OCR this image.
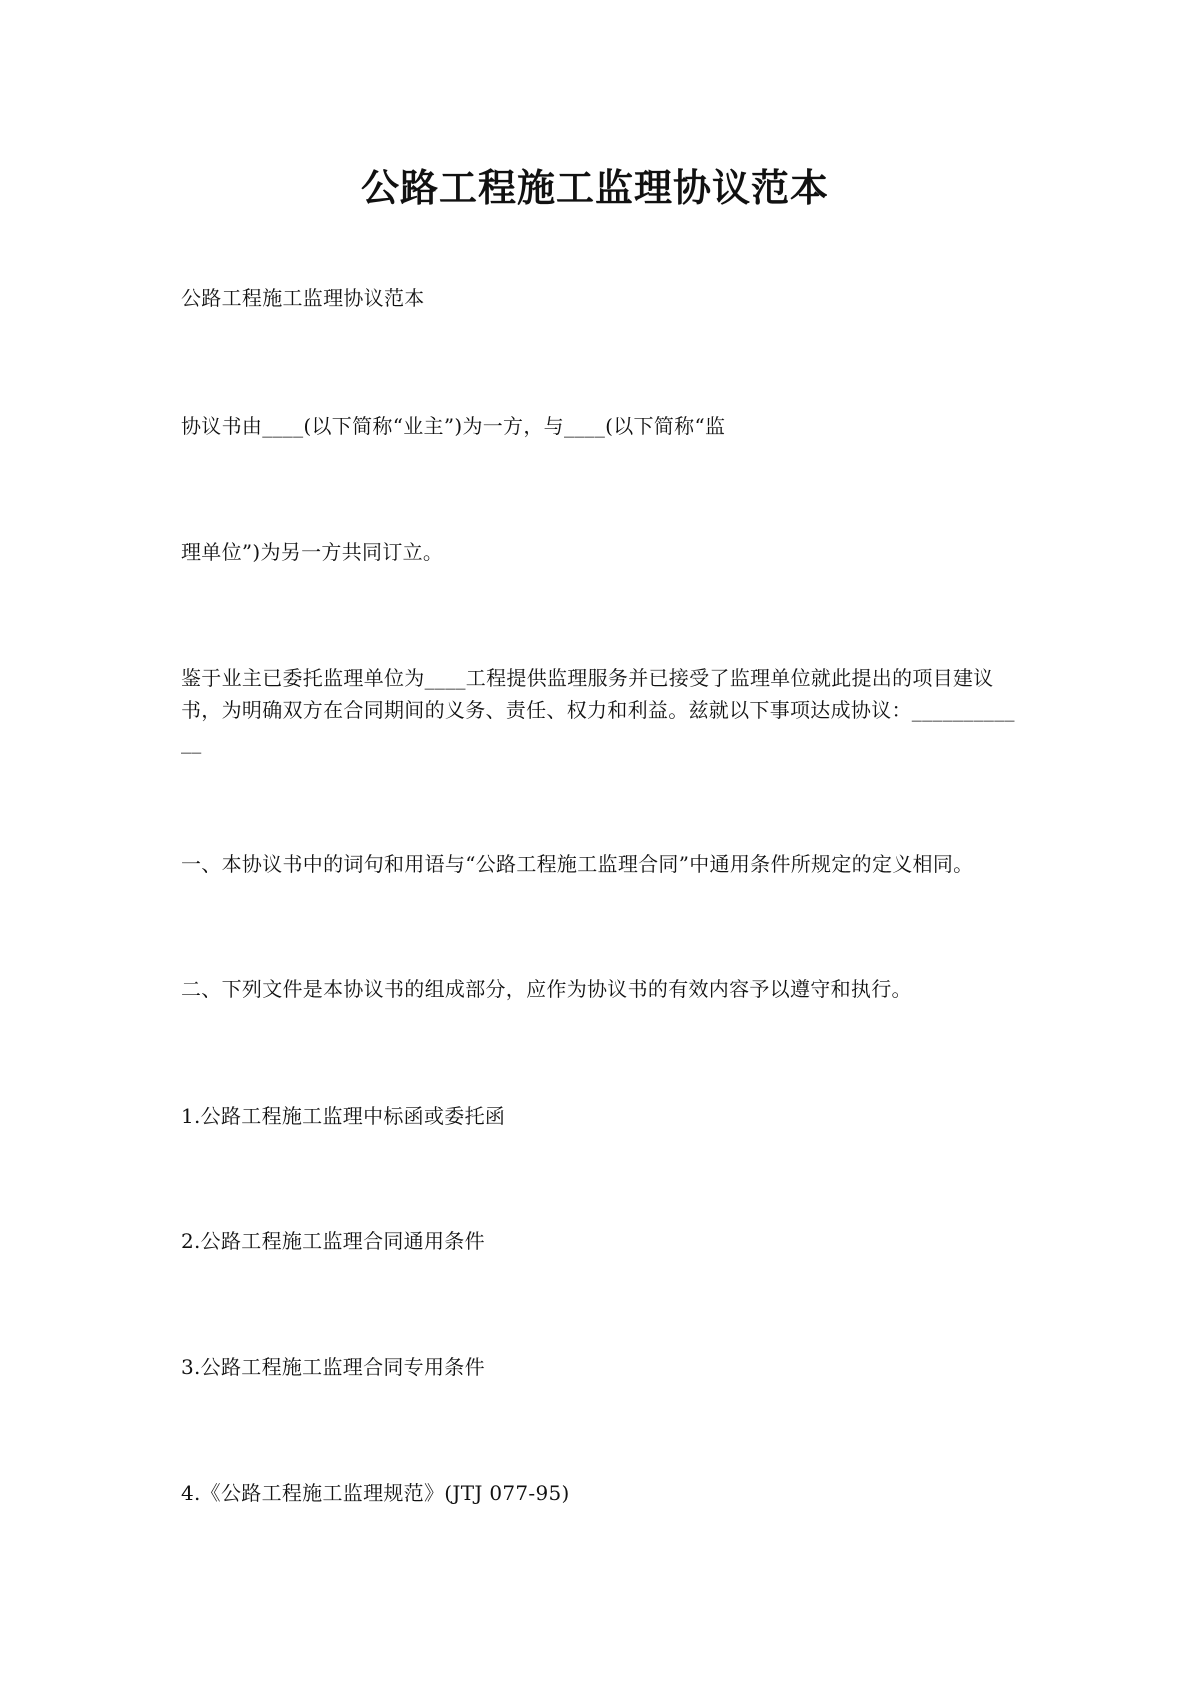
公路工程施工监理协议范本
公路工程施工监理协议范本
协议书由____(以下简称“业主”)为一方，与____(以下简称“监
理单位”)为另一方共同订立。
鉴于业主已委托监理单位为____工程提供监理服务并已接受了监理单位就此提出的项目建议书，为明确双方在合同期间的义务、责任、权力和利益。兹就以下事项达成协议：____________
一、本协议书中的词句和用语与“公路工程施工监理合同”中通用条件所规定的定义相同。
二、下列文件是本协议书的组成部分，应作为协议书的有效内容予以遵守和执行。
1.公路工程施工监理中标函或委托函
2.公路工程施工监理合同通用条件
3.公路工程施工监理合同专用条件
4.《公路工程施工监理规范》(JTJ 077-95)
